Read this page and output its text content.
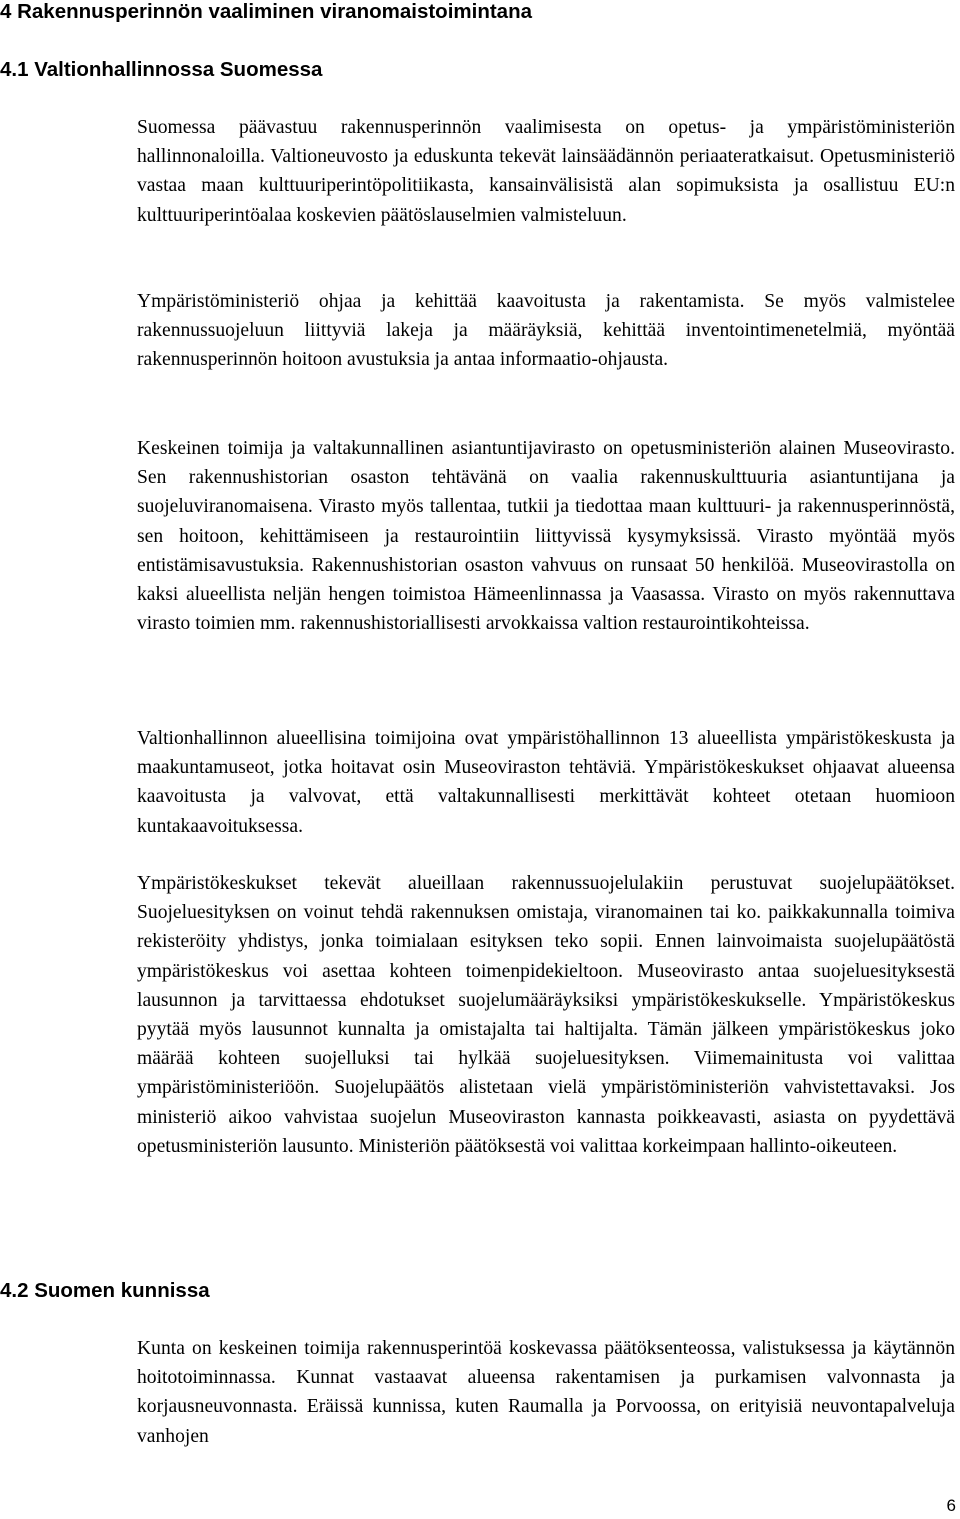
4 Rakennusperinnön vaaliminen viranomaistoimintana
4.1 Valtionhallinnossa Suomessa

Suomessa päävastuu rakennusperinnön vaalimisesta on opetus- ja ympäristöministeriön hallinnonaloilla. Valtioneuvosto ja eduskunta tekevät lainsäädännön periaateratkaisut. Opetusministeriö vastaa maan kulttuuriperintöpolitiikasta, kansainvälisistä alan sopimuksista ja osallistuu EU:n kulttuuriperintöalaa koskevien päätöslauselmien valmisteluun.

Ympäristöministeriö ohjaa ja kehittää kaavoitusta ja rakentamista. Se myös valmistelee rakennussuojeluun liittyviä lakeja ja määräyksiä, kehittää inventointimenetelmiä, myöntää rakennusperinnön hoitoon avustuksia ja antaa informaatio-ohjausta.

Keskeinen toimija ja valtakunnallinen asiantuntijavirasto on opetusministeriön alainen Museovirasto. Sen rakennushistorian osaston tehtävänä on vaalia rakennuskulttuuria asiantuntijana ja suojeluviranomaisena. Virasto myös tallentaa, tutkii ja tiedottaa maan kulttuuri- ja rakennusperinnöstä, sen hoitoon, kehittämiseen ja restaurointiin liittyvissä kysymyksissä. Virasto myöntää myös entistämisavustuksia. Rakennushistorian osaston vahvuus on runsaat 50 henkilöä. Museovirastolla on kaksi alueellista neljän hengen toimistoa Hämeenlinnassa ja Vaasassa. Virasto on myös rakennuttava virasto toimien mm. rakennushistoriallisesti arvokkaissa valtion restaurointikohteissa.

Valtionhallinnon alueellisina toimijoina ovat ympäristöhallinnon 13 alueellista ympäristökeskusta ja maakuntamuseot, jotka hoitavat osin Museoviraston tehtäviä. Ympäristökeskukset ohjaavat alueensa kaavoitusta ja valvovat, että valtakunnallisesti merkittävät kohteet otetaan huomioon kuntakaavoituksessa.

Ympäristökeskukset tekevät alueillaan rakennussuojelulakiin perustuvat suojelupäätökset. Suojeluesityksen on voinut tehdä rakennuksen omistaja, viranomainen tai ko. paikkakunnalla toimiva rekisteröity yhdistys, jonka toimialaan esityksen teko sopii. Ennen lainvoimaista suojelupäätöstä ympäristökeskus voi asettaa kohteen toimenpidekieltoon. Museovirasto antaa suojeluesityksestä lausunnon ja tarvittaessa ehdotukset suojelumääräyksiksi ympäristökeskukselle. Ympäristökeskus pyytää myös lausunnot kunnalta ja omistajalta tai haltijalta. Tämän jälkeen ympäristökeskus joko määrää kohteen suojelluksi tai hylkää suojeluesityksen. Viimemainitusta voi valittaa ympäristöministeriöön. Suojelupäätös alistetaan vielä ympäristöministeriön vahvistettavaksi. Jos ministeriö aikoo vahvistaa suojelun Museoviraston kannasta poikkeavasti, asiasta on pyydettävä opetusministeriön lausunto. Ministeriön päätöksestä voi valittaa korkeimpaan hallinto-oikeuteen.

4.2 Suomen kunnissa

Kunta on keskeinen toimija rakennusperintöä koskevassa päätöksenteossa, valistuksessa ja käytännön hoitotoiminnassa. Kunnat vastaavat alueensa rakentamisen ja purkamisen valvonnasta ja korjausneuvonnasta. Eräissä kunnissa, kuten Raumalla ja Porvoossa, on erityisiä neuvontapalveluja vanhojen

6
